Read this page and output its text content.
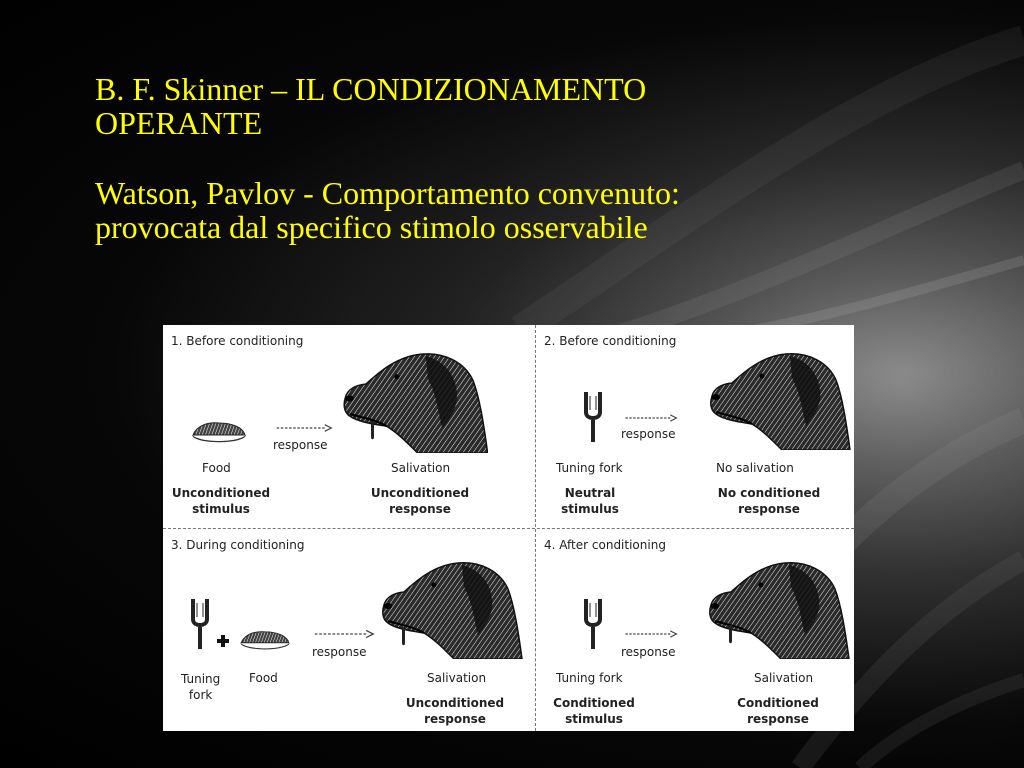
B. F. Skinner – IL CONDIZIONAMENTO
OPERANTE
Watson, Pavlov - Comportamento convenuto:
provocata dal specifico stimolo osservabile
1. Before conditioning
response
Food	Salivation
Unconditioned
stimulus
Unconditioned
response
2. Before conditioning
response
Tuning fork	No salivation
Neutral
stimulus
No conditioned
response
3. During conditioning
response
Tuning
fork
Food	Salivation
Unconditioned
response
4. After conditioning
response
Tuning fork	Salivation
Conditioned
stimulus
Conditioned
response
